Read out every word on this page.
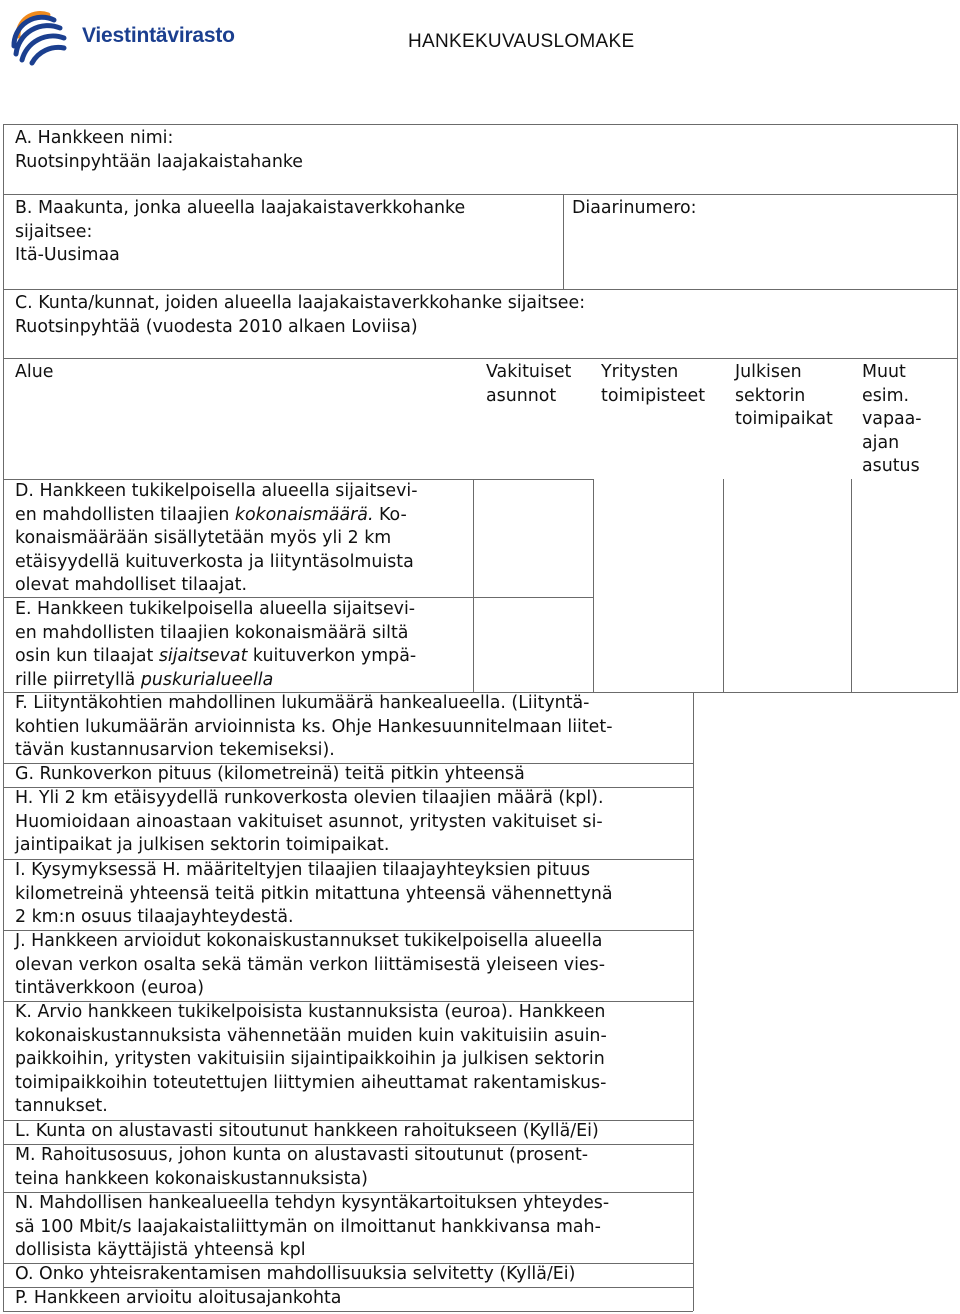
Viestintävirasto	HANKEKUVAUSLOMAKE
A. Hankkeen nimi:
Ruotsinpyhtään laajakaistahanke
B. Maakunta, jonka alueella laajakaistaverkkohanke
sijaitsee:
Itä-Uusimaa
Diaarinumero:
C. Kunta/kunnat, joiden alueella laajakaistaverkkohanke sijaitsee:
Ruotsinpyhtää (vuodesta 2010 alkaen Loviisa)
Alue	Vakituiset
asunnot
Yritysten
toimipisteet
Julkisen
sektorin
toimipaikat
Muut
esim.
vapaa-
ajan
asutus
D. Hankkeen tukikelpoisella alueella sijaitsevi-
en mahdollisten tilaajien kokonaismäärä. Ko-
konaismäärään sisällytetään myös yli 2 km
etäisyydellä kuituverkosta ja liityntäsolmuista
olevat mahdolliset tilaajat.
E. Hankkeen tukikelpoisella alueella sijaitsevi-
en mahdollisten tilaajien kokonaismäärä siltä
osin kun tilaajat sijaitsevat kuituverkon ympä-
rille piirretyllä puskurialueella
F. Liityntäkohtien mahdollinen lukumäärä hankealueella. (Liityntä-
kohtien lukumäärän arvioinnista ks. Ohje Hankesuunnitelmaan liitet-
tävän kustannusarvion tekemiseksi).
G. Runkoverkon pituus (kilometreinä) teitä pitkin yhteensä
H. Yli 2 km etäisyydellä runkoverkosta olevien tilaajien määrä (kpl).
Huomioidaan ainoastaan vakituiset asunnot, yritysten vakituiset si-
jaintipaikat ja julkisen sektorin toimipaikat.
I. Kysymyksessä H. määriteltyjen tilaajien tilaajayhteyksien pituus
kilometreinä yhteensä teitä pitkin mitattuna yhteensä vähennettynä
2 km:n osuus tilaajayhteydestä.
J. Hankkeen arvioidut kokonaiskustannukset tukikelpoisella alueella
olevan verkon osalta sekä tämän verkon liittämisestä yleiseen vies-
tintäverkkoon (euroa)
K. Arvio hankkeen tukikelpoisista kustannuksista (euroa). Hankkeen
kokonaiskustannuksista vähennetään muiden kuin vakituisiin asuin-
paikkoihin, yritysten vakituisiin sijaintipaikkoihin ja julkisen sektorin
toimipaikkoihin toteutettujen liittymien aiheuttamat rakentamiskus-
tannukset.
L. Kunta on alustavasti sitoutunut hankkeen rahoitukseen (Kyllä/Ei)
M. Rahoitusosuus, johon kunta on alustavasti sitoutunut (prosent-
teina hankkeen kokonaiskustannuksista)
N. Mahdollisen hankealueella tehdyn kysyntäkartoituksen yhteydes-
sä 100 Mbit/s laajakaistaliittymän on ilmoittanut hankkivansa mah-
dollisista käyttäjistä yhteensä kpl
O. Onko yhteisrakentamisen mahdollisuuksia selvitetty (Kyllä/Ei)
P. Hankkeen arvioitu aloitusajankohta
